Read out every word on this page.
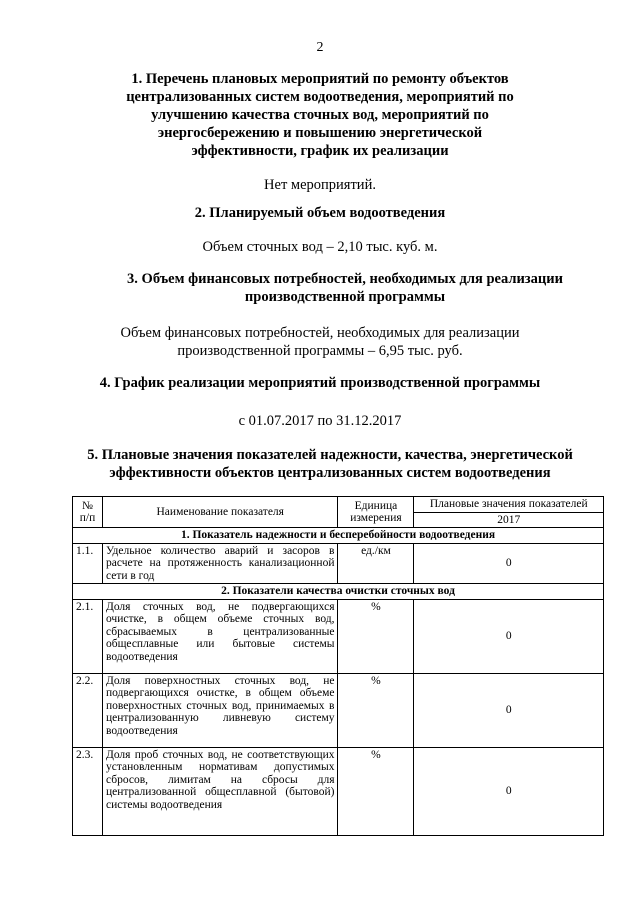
2
1. Перечень плановых мероприятий по ремонту объектов централизованных систем водоотведения, мероприятий по улучшению качества сточных вод, мероприятий по энергосбережению и повышению энергетической эффективности, график их реализации
Нет мероприятий.
2. Планируемый объем водоотведения
Объем сточных вод – 2,10 тыс. куб. м.
3. Объем финансовых потребностей, необходимых для реализации производственной программы
Объем финансовых потребностей, необходимых для реализации производственной программы – 6,95 тыс. руб.
4. График реализации мероприятий производственной программы
с 01.07.2017 по 31.12.2017
5. Плановые значения показателей надежности, качества, энергетической эффективности объектов централизованных систем водоотведения
№ п/п	Наименование показателя	Единица измерения	Плановые значения показателей
			2017
1. Показатель надежности и бесперебойности водоотведения			
1.1.	Удельное количество аварий и засоров в расчете на протяженность канализационной сети в год	ед./км	0
2. Показатели качества очистки сточных вод			
2.1.	Доля сточных вод, не подвергающихся очистке, в общем объеме сточных вод, сбрасываемых в централизованные общесплавные или бытовые системы водоотведения	%	0
2.2.	Доля поверхностных сточных вод, не подвергающихся очистке, в общем объеме поверхностных сточных вод, принимаемых в централизованную ливневую систему водоотведения	%	0
2.3.	Доля проб сточных вод, не соответствующих установленным нормативам допустимых сбросов, лимитам на сбросы для централизованной общесплавной (бытовой) системы водоотведения	%	0
